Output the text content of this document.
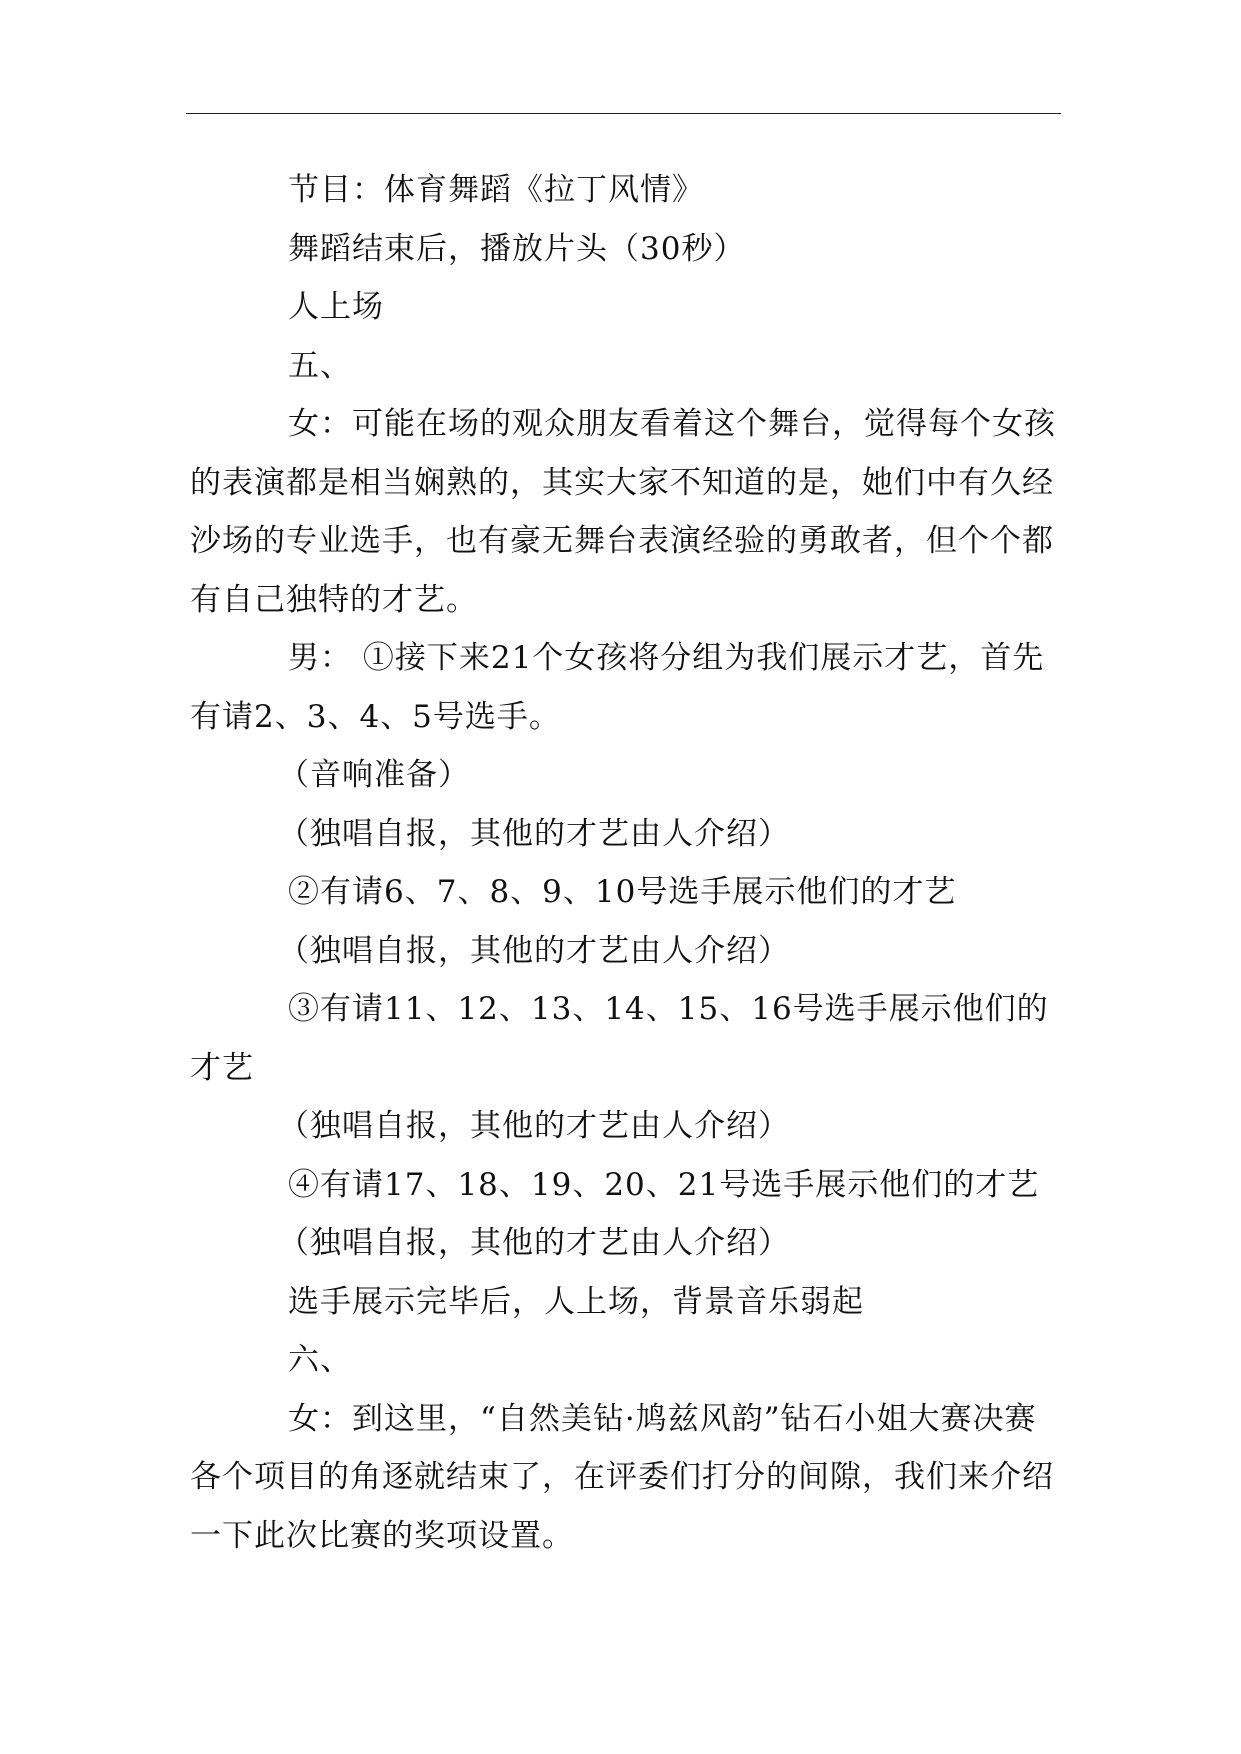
节目：体育舞蹈《拉丁风情》

舞蹈结束后，播放片头（30秒）

人上场

五、

女：可能在场的观众朋友看着这个舞台，觉得每个女孩的表演都是相当娴熟的，其实大家不知道的是，她们中有久经沙场的专业选手，也有豪无舞台表演经验的勇敢者，但个个都有自己独特的才艺。

男： ①接下来21个女孩将分组为我们展示才艺，首先有请2、3、4、5号选手。

（音响准备）

（独唱自报，其他的才艺由人介绍）

②有请6、7、8、9、10号选手展示他们的才艺

（独唱自报，其他的才艺由人介绍）

③有请11、12、13、14、15、16号选手展示他们的才艺

（独唱自报，其他的才艺由人介绍）

④有请17、18、19、20、21号选手展示他们的才艺

（独唱自报，其他的才艺由人介绍）

选手展示完毕后，人上场，背景音乐弱起

六、

女：到这里，“自然美钻·鸠兹风韵”钻石小姐大赛决赛各个项目的角逐就结束了，在评委们打分的间隙，我们来介绍一下此次比赛的奖项设置。
